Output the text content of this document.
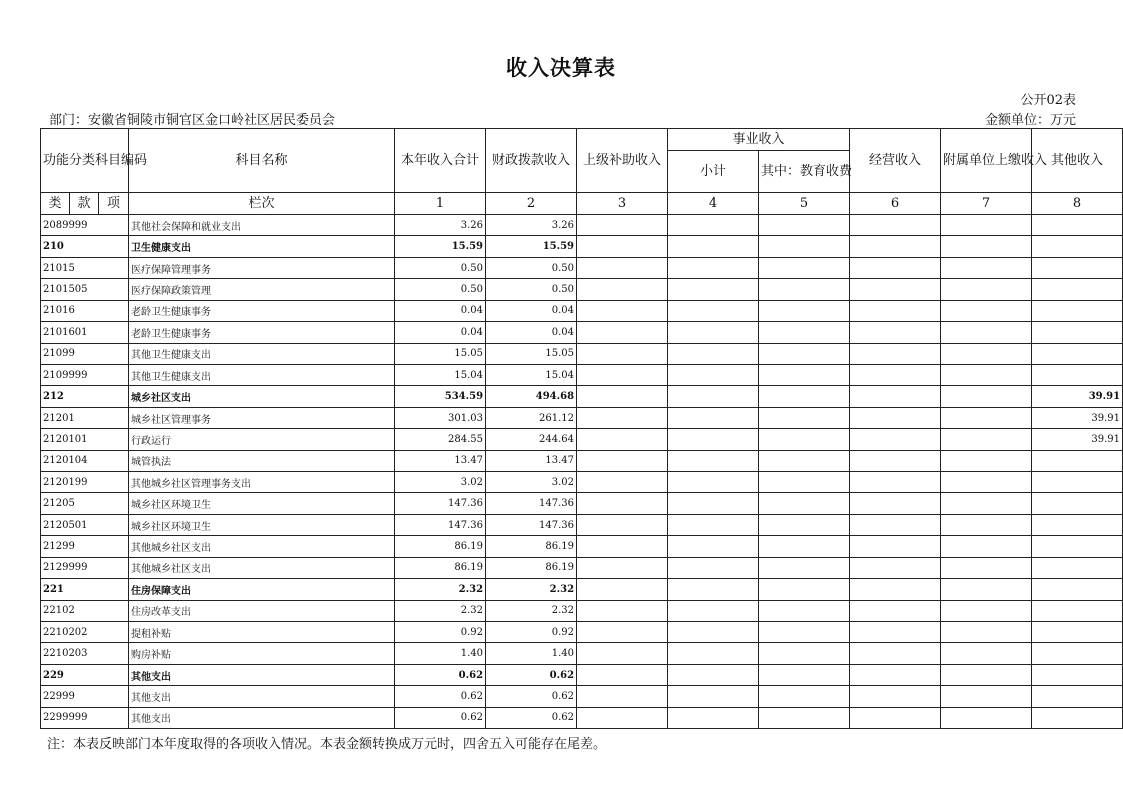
收入决算表
公开02表
部门：安徽省铜陵市铜官区金口岭社区居民委员会	金额单位：万元
功能分类科目编码			科目名称	本年收入合计	财政拨款收入	上级补助收入	事业收入		经营收入	附属单位上缴收入	其他收入
							小计	其中：教育收费			
类	款	项	栏次	1	2	3	4	5	6	7	8
2089999			其他社会保障和就业支出	3.26	3.26						
210			卫生健康支出	15.59	15.59						
21015			医疗保障管理事务	0.50	0.50						
2101505			医疗保障政策管理	0.50	0.50						
21016			老龄卫生健康事务	0.04	0.04						
2101601			老龄卫生健康事务	0.04	0.04						
21099			其他卫生健康支出	15.05	15.05						
2109999			其他卫生健康支出	15.04	15.04						
212			城乡社区支出	534.59	494.68						39.91
21201			城乡社区管理事务	301.03	261.12						39.91
2120101			行政运行	284.55	244.64						39.91
2120104			城管执法	13.47	13.47						
2120199			其他城乡社区管理事务支出	3.02	3.02						
21205			城乡社区环境卫生	147.36	147.36						
2120501			城乡社区环境卫生	147.36	147.36						
21299			其他城乡社区支出	86.19	86.19						
2129999			其他城乡社区支出	86.19	86.19						
221			住房保障支出	2.32	2.32						
22102			住房改革支出	2.32	2.32						
2210202			提租补贴	0.92	0.92						
2210203			购房补贴	1.40	1.40						
229			其他支出	0.62	0.62						
22999			其他支出	0.62	0.62						
2299999			其他支出	0.62	0.62						
注：本表反映部门本年度取得的各项收入情况。本表金额转换成万元时，四舍五入可能存在尾差。
